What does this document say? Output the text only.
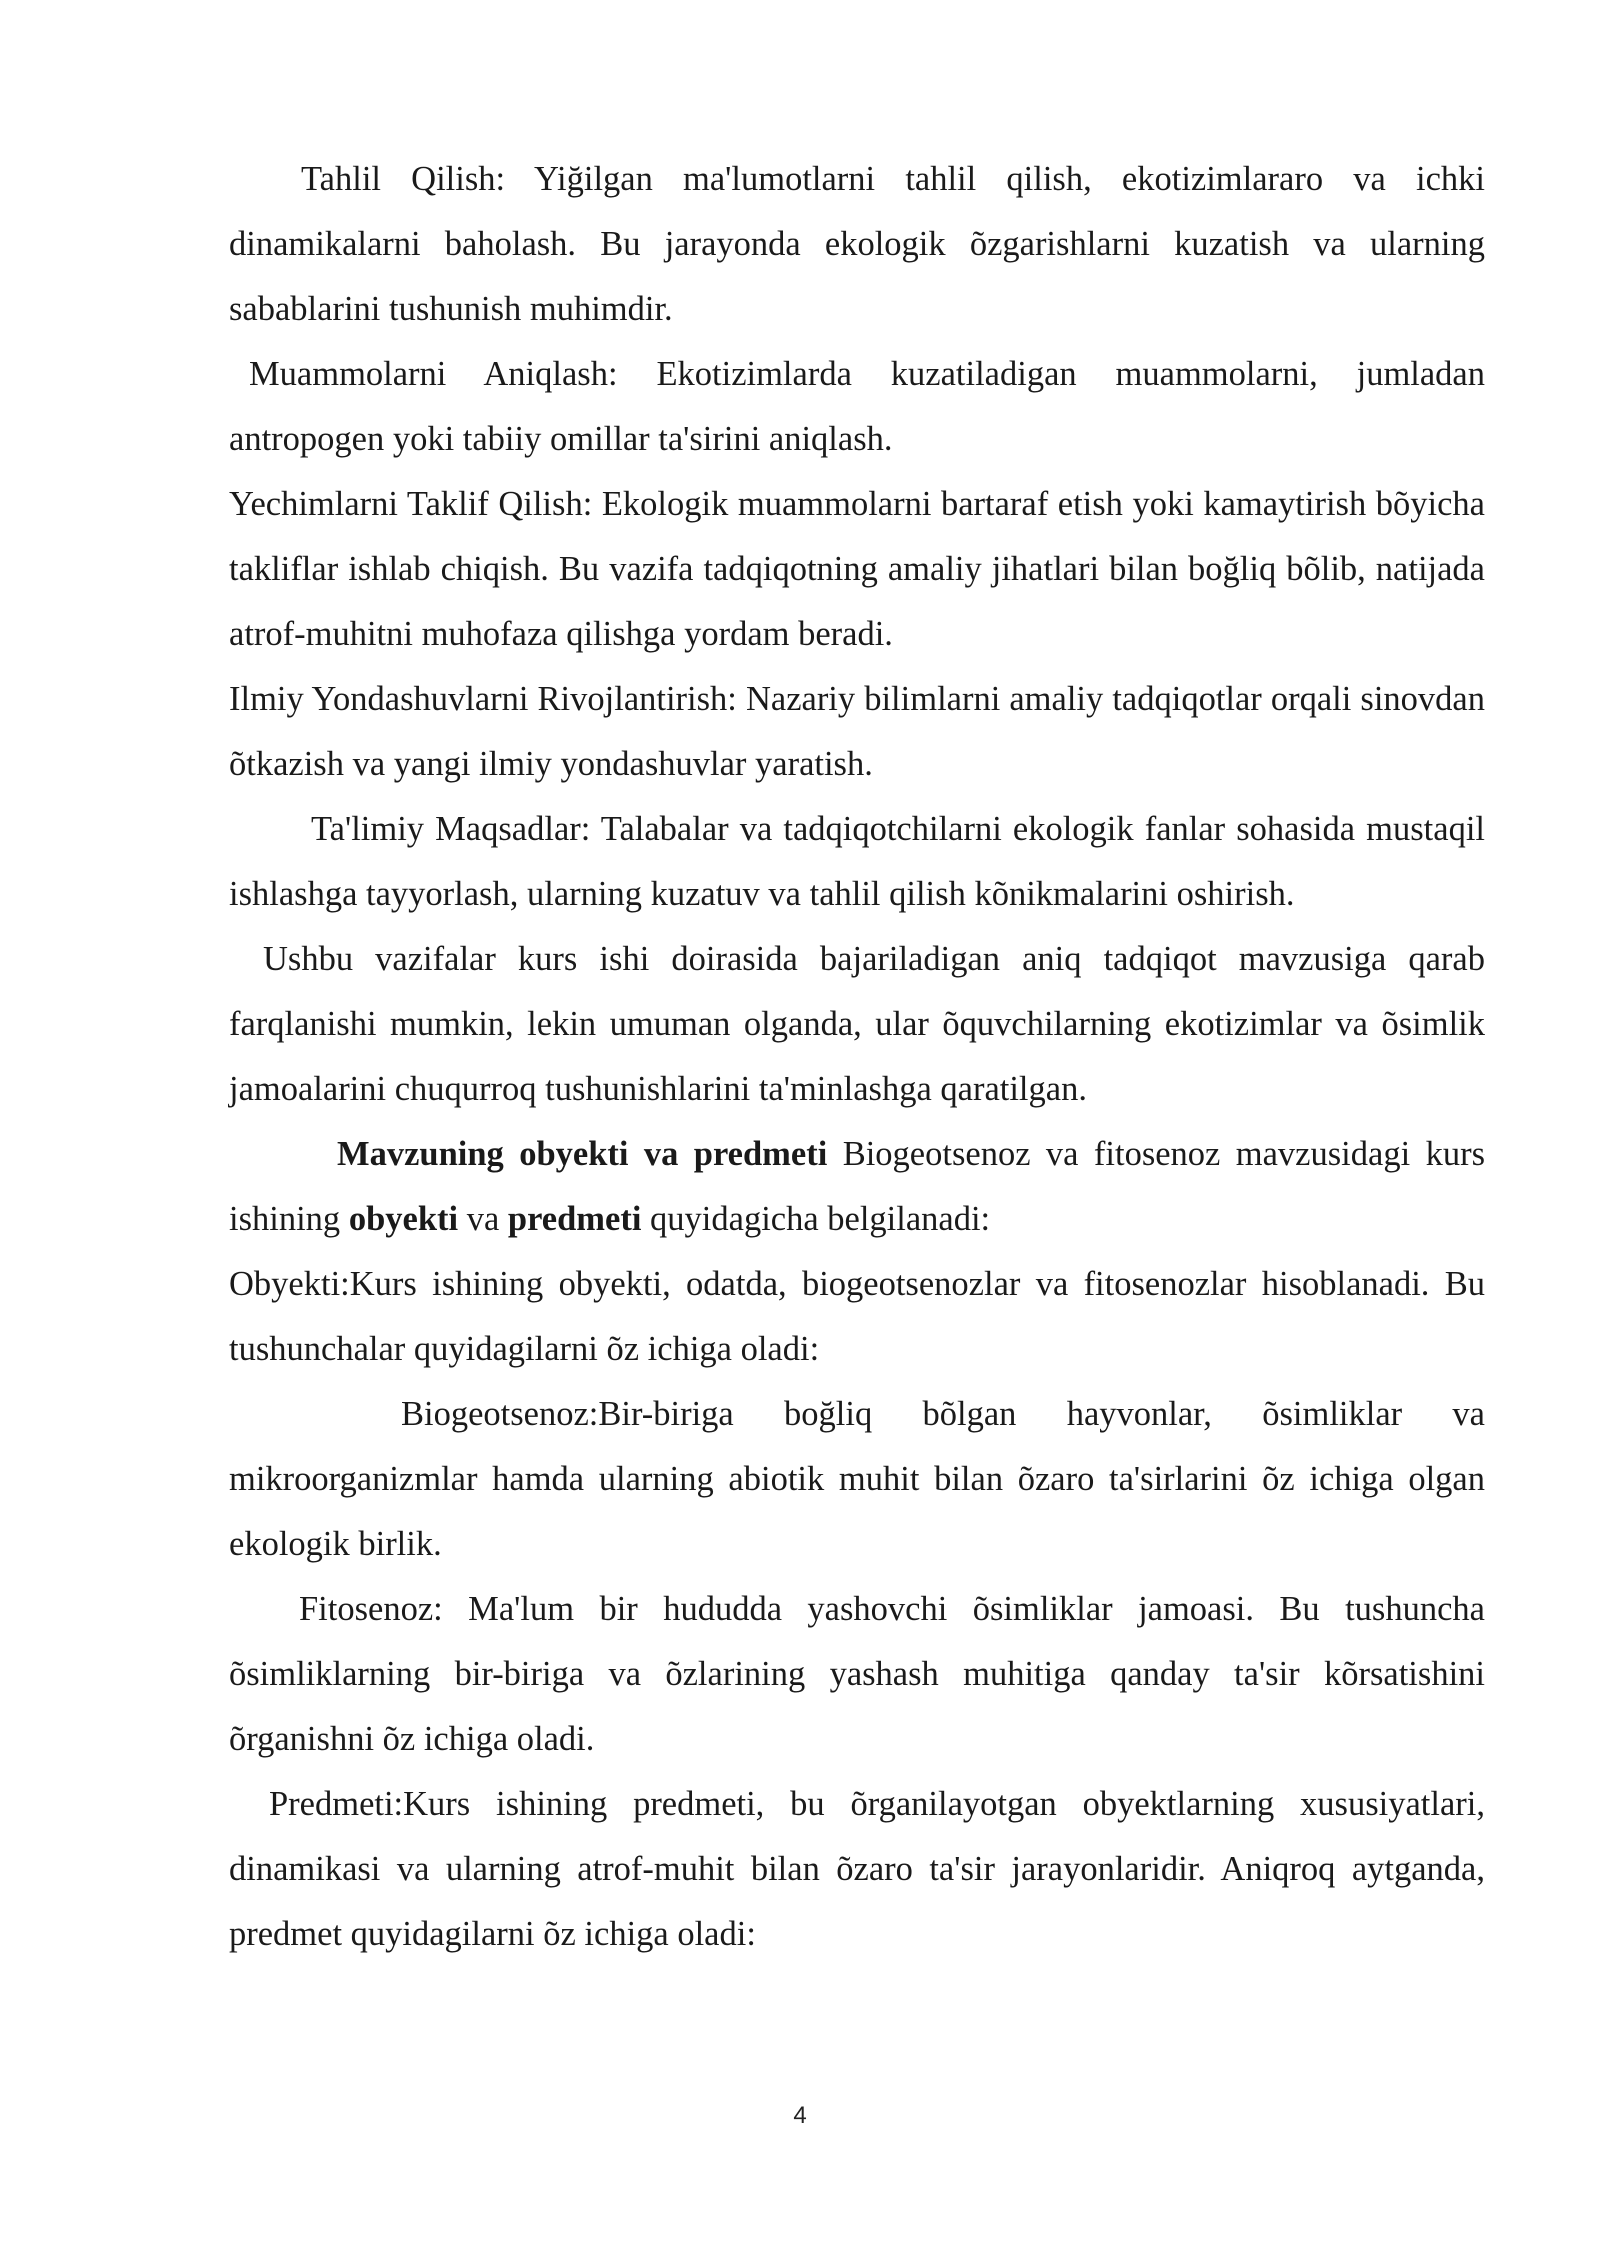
Tahlil Qilish: Yiğilgan ma'lumotlarni tahlil qilish, ekotizimlararo va ichki dinamikalarni baholash. Bu jarayonda ekologik õzgarishlarni kuzatish va ularning sabablarini tushunish muhimdir.

Muammolarni Aniqlash: Ekotizimlarda kuzatiladigan muammolarni, jumladan antropogen yoki tabiiy omillar ta'sirini aniqlash.

Yechimlarni Taklif Qilish: Ekologik muammolarni bartaraf etish yoki kamaytirish bõyicha takliflar ishlab chiqish. Bu vazifa tadqiqotning amaliy jihatlari bilan boğliq bõlib, natijada atrof-muhitni muhofaza qilishga yordam beradi.

Ilmiy Yondashuvlarni Rivojlantirish: Nazariy bilimlarni amaliy tadqiqotlar orqali sinovdan õtkazish va yangi ilmiy yondashuvlar yaratish.

Ta'limiy Maqsadlar: Talabalar va tadqiqotchilarni ekologik fanlar sohasida mustaqil ishlashga tayyorlash, ularning kuzatuv va tahlil qilish kõnikmalarini oshirish.

Ushbu vazifalar kurs ishi doirasida bajariladigan aniq tadqiqot mavzusiga qarab farqlanishi mumkin, lekin umuman olganda, ular õquvchilarning ekotizimlar va õsimlik jamoalarini chuqurroq tushunishlarini ta'minlashga qaratilgan.

Mavzuning obyekti va predmeti Biogeotsenoz va fitosenoz mavzusidagi kurs ishining obyekti va predmeti quyidagicha belgilanadi:

Obyekti:Kurs ishining obyekti, odatda, biogeotsenozlar va fitosenozlar hisoblanadi. Bu tushunchalar quyidagilarni õz ichiga oladi:

Biogeotsenoz:Bir-biriga boğliq bõlgan hayvonlar, õsimliklar va mikroorganizmlar hamda ularning abiotik muhit bilan õzaro ta'sirlarini õz ichiga olgan ekologik birlik.

Fitosenoz: Ma'lum bir hududda yashovchi õsimliklar jamoasi. Bu tushuncha õsimliklarning bir-biriga va õzlarining yashash muhitiga qanday ta'sir kõrsatishini õrganishni õz ichiga oladi.

Predmeti:Kurs ishining predmeti, bu õrganilayotgan obyektlarning xususiyatlari, dinamikasi va ularning atrof-muhit bilan õzaro ta'sir jarayonlaridir. Aniqroq aytganda, predmet quyidagilarni õz ichiga oladi:

4
